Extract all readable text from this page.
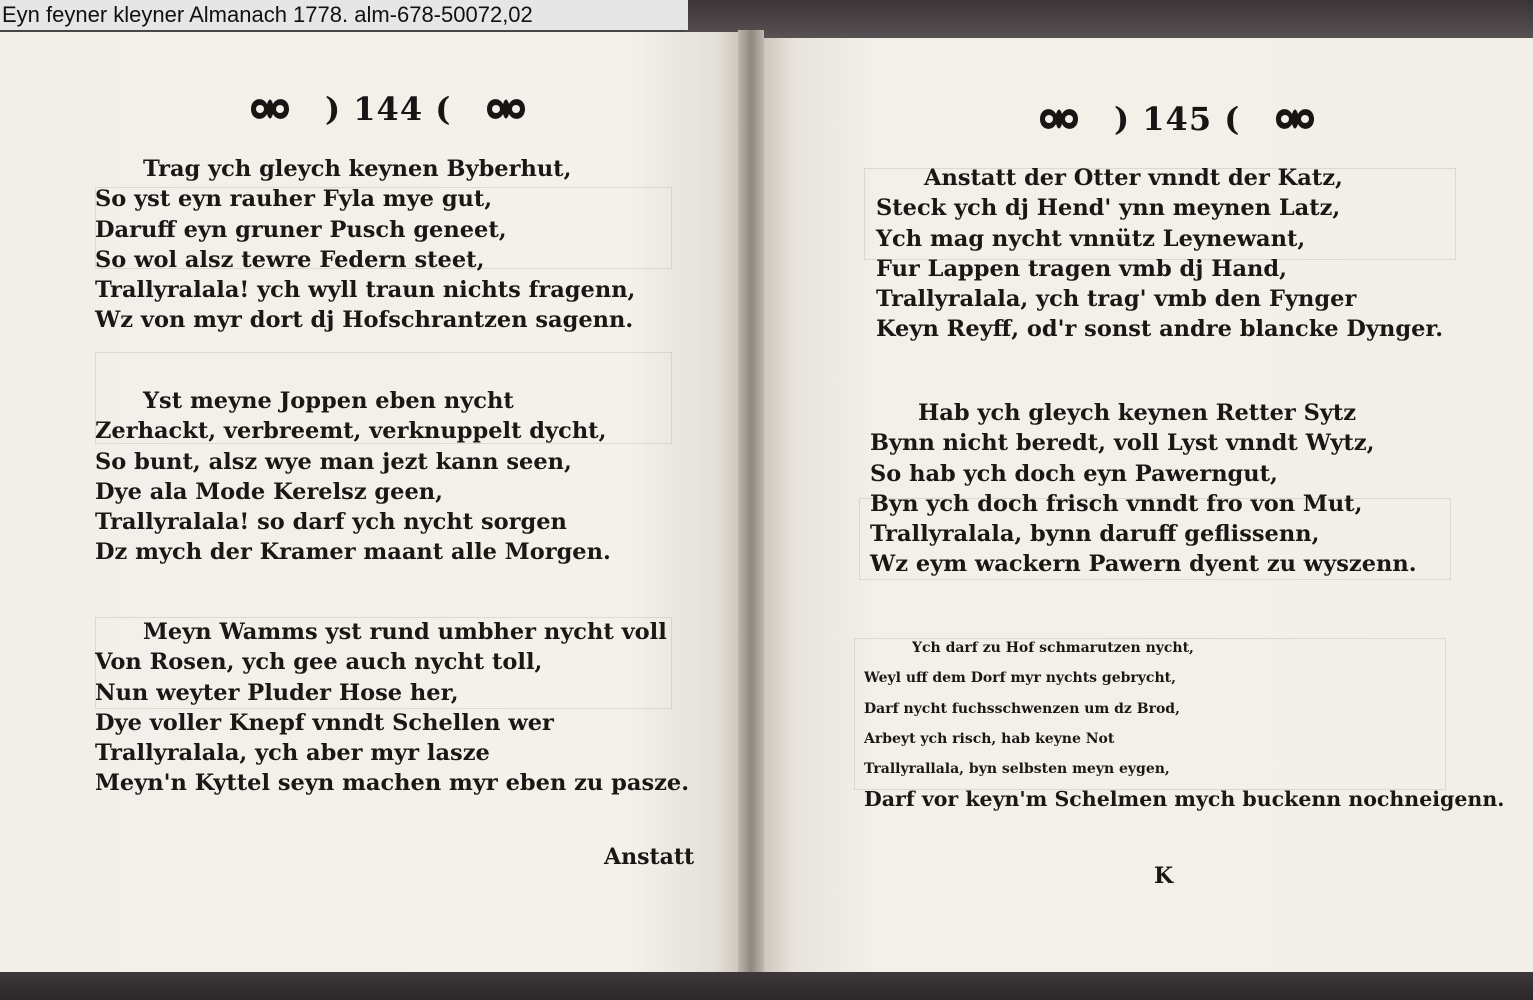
Eyn feyner kleyner Almanach 1778. alm-678-50072,02
) 144 (
Trag ych gleych keynen Byberhut,
So yst eyn rauher Fyla mye gut,
Daruff eyn gruner Pusch geneet,
So wol alsz tewre Federn steet,
Trallyralala! ych wyll traun nichts fragenn,
Wz von myr dort dj Hofschrantzen sagenn.
Yst meyne Joppen eben nycht
Zerhackt, verbreemt, verknuppelt dycht,
So bunt, alsz wye man jezt kann seen,
Dye ala Mode Kerelsz geen,
Trallyralala! so darf ych nycht sorgen
Dz mych der Kramer maant alle Morgen.
Meyn Wamms yst rund umbher nycht voll
Von Rosen, ych gee auch nycht toll,
Nun weyter Pluder Hose her,
Dye voller Knepf vnndt Schellen wer
Trallyralala, ych aber myr lasze
Meyn'n Kyttel seyn machen myr eben zu pasze.
Anstatt
) 145 (
Anstatt der Otter vnndt der Katz,
Steck ych dj Hend' ynn meynen Latz,
Ych mag nycht vnnütz Leynewant,
Fur Lappen tragen vmb dj Hand,
Trallyralala, ych trag' vmb den Fynger
Keyn Reyff, od'r sonst andre blancke Dynger.
Hab ych gleych keynen Retter Sytz
Bynn nicht beredt, voll Lyst vnndt Wytz,
So hab ych doch eyn Pawerngut,
Byn ych doch frisch vnndt fro von Mut,
Trallyralala, bynn daruff geflissenn,
Wz eym wackern Pawern dyent zu wyszenn.
Ych darf zu Hof schmarutzen nycht,
Weyl uff dem Dorf myr nychts gebrycht,
Darf nycht fuchsschwenzen um dz Brod,
Arbeyt ych risch, hab keyne Not
Trallyrallala, byn selbsten meyn eygen,
Darf vor keyn'm Schelmen mych buckenn nochneigenn.
K
